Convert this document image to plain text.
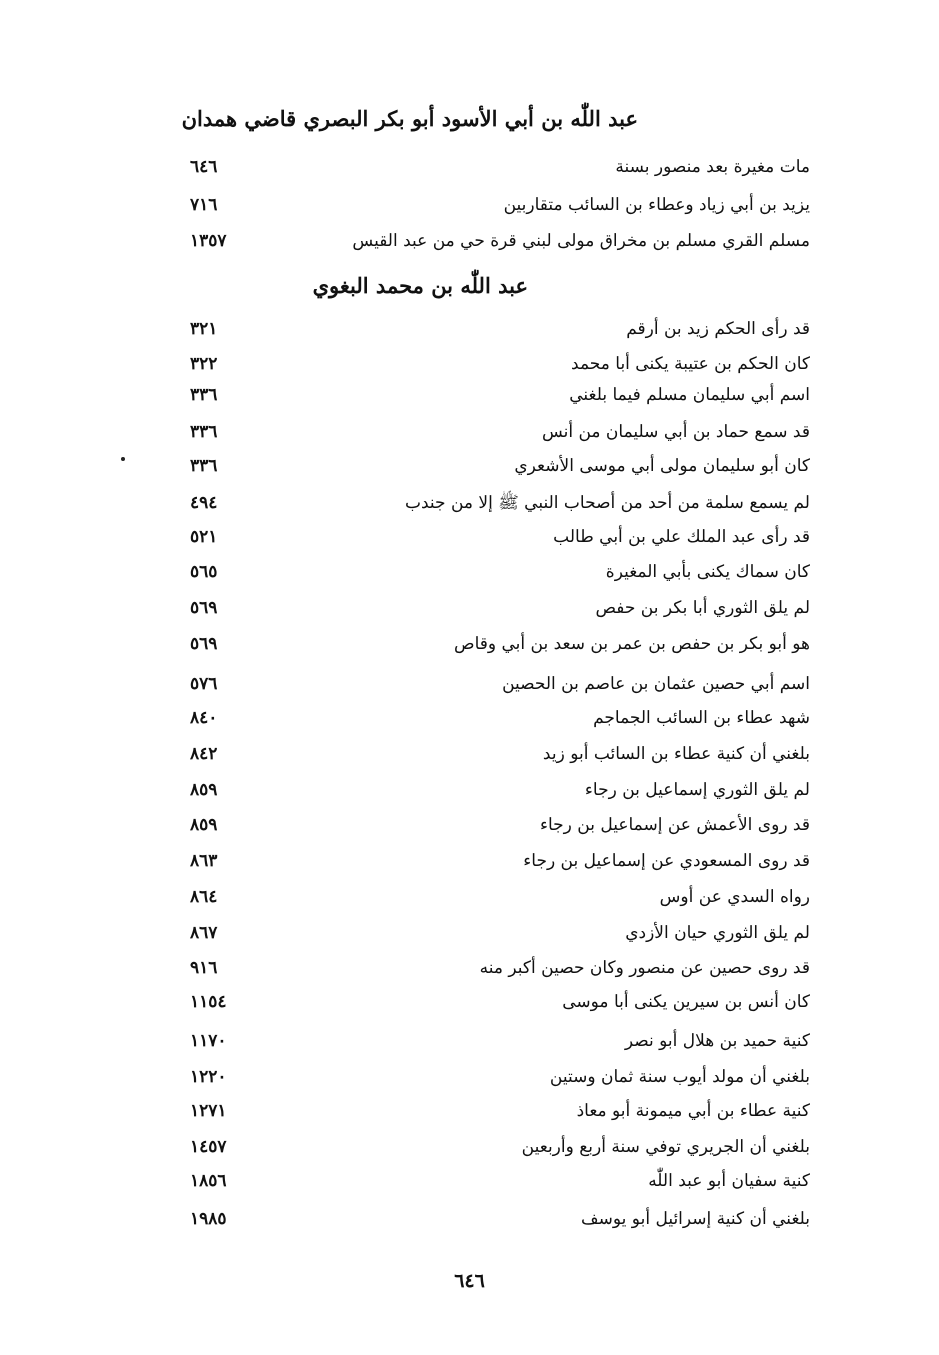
عبد اللّٰه بن أبي الأسود أبو بكر البصري قاضي همدان
مات مغيرة بعد منصور بسنة
٦٤٦
يزيد بن أبي زياد وعطاء بن السائب متقاربين
٧١٦
مسلم القري مسلم بن مخراق مولى لبني قرة حي من عبد القيس
١٣٥٧
عبد اللّٰه بن محمد البغوي
قد رأى الحكم زيد بن أرقم
٣٢١
كان الحكم بن عتيبة يكنى أبا محمد
٣٢٢
اسم أبي سليمان مسلم فيما بلغني
٣٣٦
قد سمع حماد بن أبي سليمان من أنس
٣٣٦
كان أبو سليمان مولى أبي موسى الأشعري
٣٣٦
لم يسمع سلمة من أحد من أصحاب النبي ﷺ إلا من جندب
٤٩٤
قد رأى عبد الملك علي بن أبي طالب
٥٢١
كان سماك يكنى بأبي المغيرة
٥٦٥
لم يلق الثوري أبا بكر بن حفص
٥٦٩
هو أبو بكر بن حفص بن عمر بن سعد بن أبي وقاص
٥٦٩
اسم أبي حصين عثمان بن عاصم بن الحصين
٥٧٦
شهد عطاء بن السائب الجماجم
٨٤٠
بلغني أن كنية عطاء بن السائب أبو زيد
٨٤٢
لم يلق الثوري إسماعيل بن رجاء
٨٥٩
قد روى الأعمش عن إسماعيل بن رجاء
٨٥٩
قد روى المسعودي عن إسماعيل بن رجاء
٨٦٣
رواه السدي عن أوس
٨٦٤
لم يلق الثوري حيان الأزدي
٨٦٧
قد روى حصين عن منصور وكان حصين أكبر منه
٩١٦
كان أنس بن سيرين يكنى أبا موسى
١١٥٤
كنية حميد بن هلال أبو نصر
١١٧٠
بلغني أن مولد أيوب سنة ثمان وستين
١٢٢٠
كنية عطاء بن أبي ميمونة أبو معاذ
١٢٧١
بلغني أن الجريري توفي سنة أربع وأربعين
١٤٥٧
كنية سفيان أبو عبد اللّٰه
١٨٥٦
بلغني أن كنية إسرائيل أبو يوسف
١٩٨٥
٦٤٦
